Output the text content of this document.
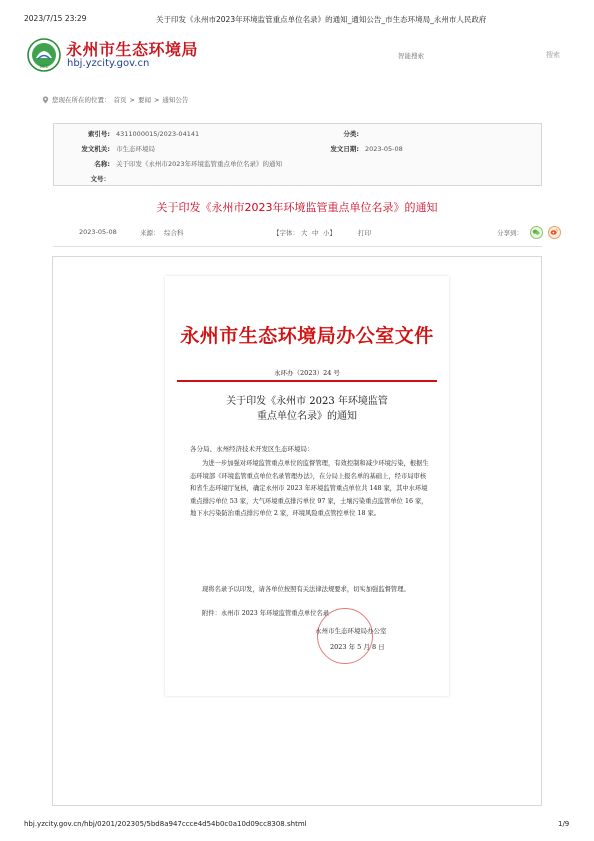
2023/7/15 23:29	关于印发《永州市2023年环境监管重点单位名录》的通知_通知公告_市生态环境局_永州市人民政府
MEE
永州市生态环境局
hbj.yzcity.gov.cn
智能搜索	搜索
您现在所在的位置： 首页 > 要闻 > 通知公告
索引号: 4311000015/2023-04141	分类:
发文机关: 市生态环境局	发文日期: 2023-05-08
名称: 关于印发《永州市2023年环境监管重点单位名录》的通知
文号：
关于印发《永州市2023年环境监管重点单位名录》的通知
2023-05-08	来源： 综合科	【字体： 大 中 小】	打印	分享到：
永州市生态环境局办公室文件
永环办（2023）24 号
关于印发《永州市 2023 年环境监管
重点单位名录》的通知
各分局、永州经济技术开发区生态环境局：
为进一步加强对环境监管重点单位的监督管理，有效控制和减少环境污染，根据生态环境部《环境监管重点单位名录管理办法》，在分局上报名单的基础上，经市局审核和省生态环境厅复核，确定永州市 2023 年环境监管重点单位共 148 家，其中水环境重点排污单位 53 家，大气环境重点排污单位 97 家，土壤污染重点监管单位 16 家，地下水污染防治重点排污单位 2 家，环境风险重点管控单位 18 家。
现将名录予以印发，请各单位按照有关法律法规要求，切实加强监督管理。
附件：永州市 2023 年环境监管重点单位名录
永州市生态环境局办公室
2023 年 5 月 8 日
hbj.yzcity.gov.cn/hbj/0201/202305/5bd8a947ccce4d54b0c0a10d09cc8308.shtml	1/9
